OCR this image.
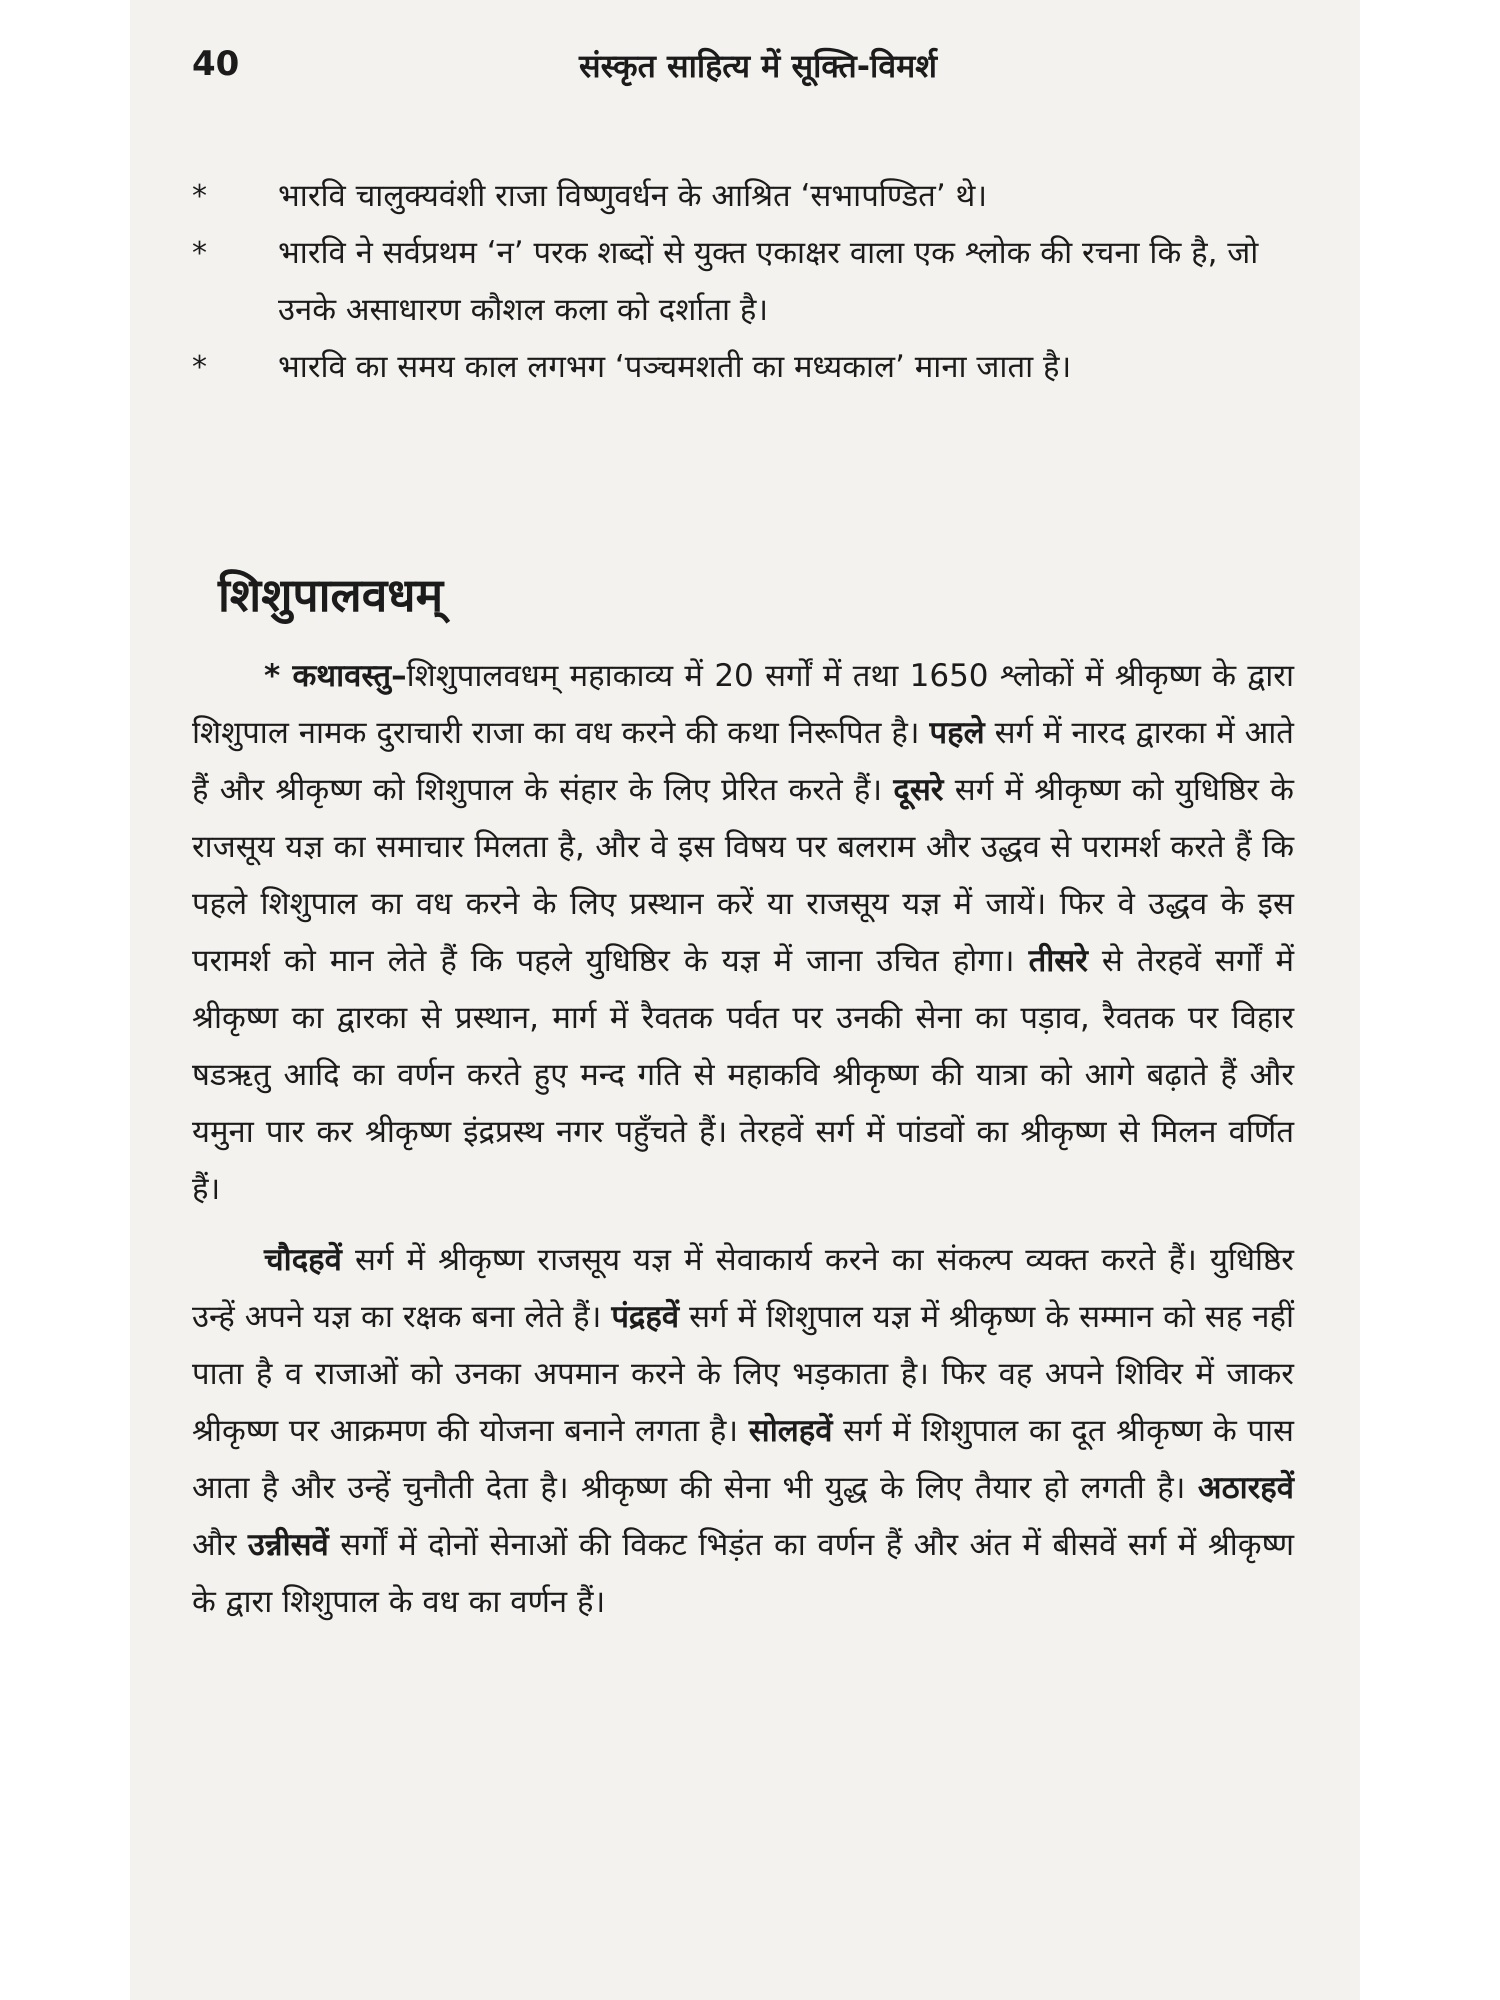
40	संस्कृत साहित्य में सूक्ति-विमर्श
*	भारवि चालुक्यवंशी राजा विष्णुवर्धन के आश्रित ‘सभापण्डित’ थे।
*	भारवि ने सर्वप्रथम ‘न’ परक शब्दों से युक्त एकाक्षर वाला एक श्लोक की रचना कि है, जो उनके असाधारण कौशल कला को दर्शाता है।
*	भारवि का समय काल लगभग ‘पञ्चमशती का मध्यकाल’ माना जाता है।
शिशुपालवधम्

* कथावस्तु–शिशुपालवधम् महाकाव्य में 20 सर्गों में तथा 1650 श्लोकों में श्रीकृष्ण के द्वारा शिशुपाल नामक दुराचारी राजा का वध करने की कथा निरूपित है। पहले सर्ग में नारद द्वारका में आते हैं और श्रीकृष्ण को शिशुपाल के संहार के लिए प्रेरित करते हैं। दूसरे सर्ग में श्रीकृष्ण को युधिष्ठिर के राजसूय यज्ञ का समाचार मिलता है, और वे इस विषय पर बलराम और उद्धव से परामर्श करते हैं कि पहले शिशुपाल का वध करने के लिए प्रस्थान करें या राजसूय यज्ञ में जायें। फिर वे उद्धव के इस परामर्श को मान लेते हैं कि पहले युधिष्ठिर के यज्ञ में जाना उचित होगा। तीसरे से तेरहवें सर्गों में श्रीकृष्ण का द्वारका से प्रस्थान, मार्ग में रैवतक पर्वत पर उनकी सेना का पड़ाव, रैवतक पर विहार षडऋतु आदि का वर्णन करते हुए मन्द गति से महाकवि श्रीकृष्ण की यात्रा को आगे बढ़ाते हैं और यमुना पार कर श्रीकृष्ण इंद्रप्रस्थ नगर पहुँचते हैं। तेरहवें सर्ग में पांडवों का श्रीकृष्ण से मिलन वर्णित हैं।

चौदहवें सर्ग में श्रीकृष्ण राजसूय यज्ञ में सेवाकार्य करने का संकल्प व्यक्त करते हैं। युधिष्ठिर उन्हें अपने यज्ञ का रक्षक बना लेते हैं। पंद्रहवें सर्ग में शिशुपाल यज्ञ में श्रीकृष्ण के सम्मान को सह नहीं पाता है व राजाओं को उनका अपमान करने के लिए भड़काता है। फिर वह अपने शिविर में जाकर श्रीकृष्ण पर आक्रमण की योजना बनाने लगता है। सोलहवें सर्ग में शिशुपाल का दूत श्रीकृष्ण के पास आता है और उन्हें चुनौती देता है। श्रीकृष्ण की सेना भी युद्ध के लिए तैयार हो लगती है। अठारहवें और उन्नीसवें सर्गों में दोनों सेनाओं की विकट भिड़ंत का वर्णन हैं और अंत में बीसवें सर्ग में श्रीकृष्ण के द्वारा शिशुपाल के वध का वर्णन हैं।
